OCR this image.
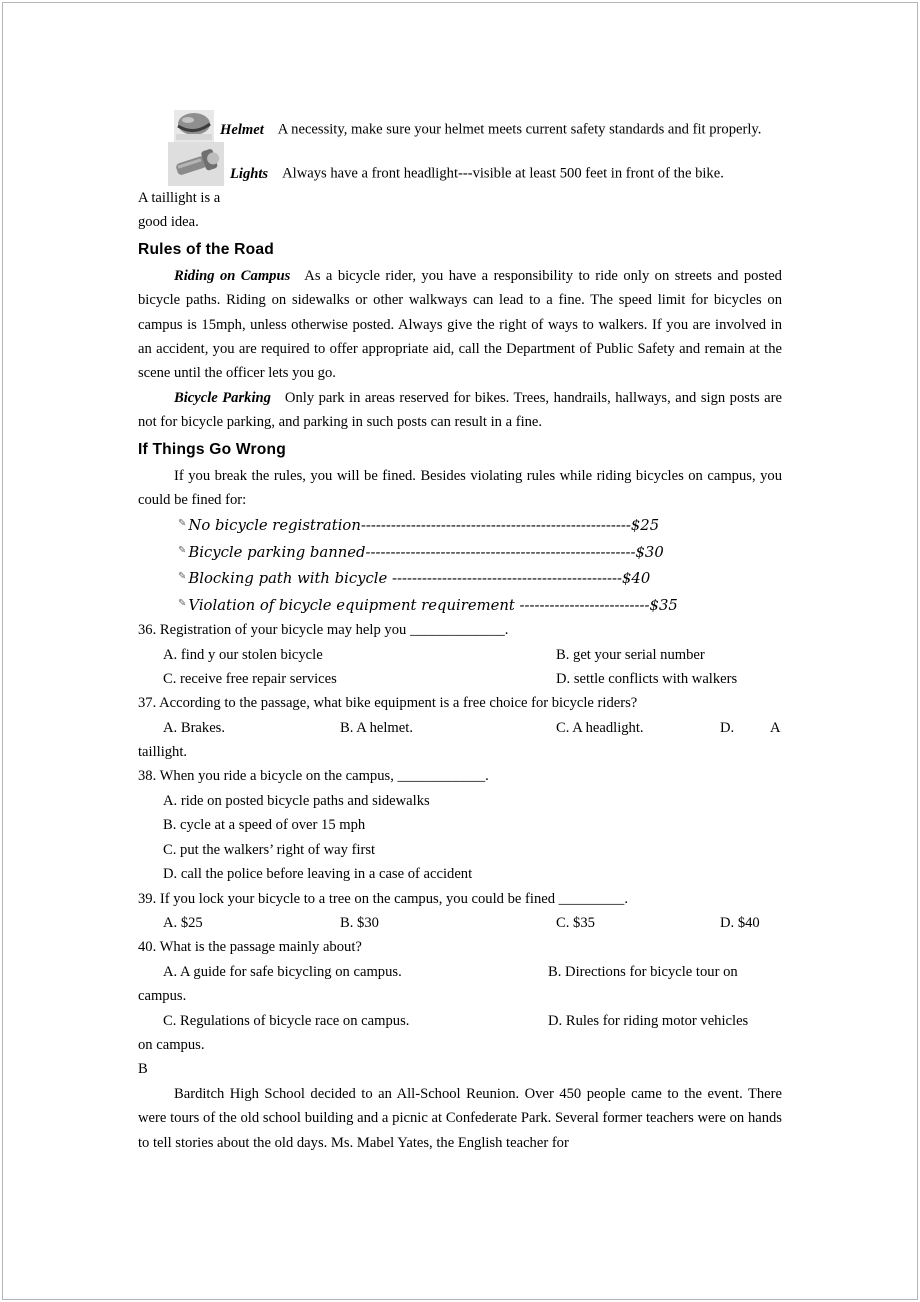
Helmet A necessity, make sure your helmet meets current safety standards and fit properly.

Lights Always have a front headlight---visible at least 500 feet in front of the bike.

A taillight is a

good idea.

Rules of the Road

Riding on Campus As a bicycle rider, you have a responsibility to ride only on streets and posted bicycle paths. Riding on sidewalks or other walkways can lead to a fine. The speed limit for bicycles on campus is 15mph, unless otherwise posted. Always give the right of ways to walkers. If you are involved in an accident, you are required to offer appropriate aid, call the Department of Public Safety and remain at the scene until the officer lets you go.

Bicycle Parking Only park in areas reserved for bikes. Trees, handrails, hallways, and sign posts are not for bicycle parking, and parking in such posts can result in a fine.

If Things Go Wrong

If you break the rules, you will be fined. Besides violating rules while riding bicycles on campus, you could be fined for:

✎ No bicycle registration------------------------------------------------------$25

✎ Bicycle parking banned------------------------------------------------------$30

✎ Blocking path with bicycle ----------------------------------------------$40

✎ Violation of bicycle equipment requirement --------------------------$35

36. Registration of your bicycle may help you _____________.

A. find y our stolen bicycle	B. get your serial number
C. receive free repair services	D. settle conflicts with walkers

37. According to the passage, what bike equipment is a free choice for bicycle riders?

A. Brakes.	B. A helmet.	C. A headlight.	D. A

taillight.

38. When you ride a bicycle on the campus, ____________.

A. ride on posted bicycle paths and sidewalks

B. cycle at a speed of over 15 mph

C. put the walkers’ right of way first

D. call the police before leaving in a case of accident

39. If you lock your bicycle to a tree on the campus, you could be fined _________.

A. $25	B. $30	C. $35	D. $40

40. What is the passage mainly about?

A. A guide for safe bicycling on campus.	B. Directions for bicycle tour on

campus.

C. Regulations of bicycle race on campus.	D. Rules for riding motor vehicles

on campus.

B

Barditch High School decided to an All-School Reunion. Over 450 people came to the event. There were tours of the old school building and a picnic at Confederate Park. Several former teachers were on hands to tell stories about the old days. Ms. Mabel Yates, the English teacher for
